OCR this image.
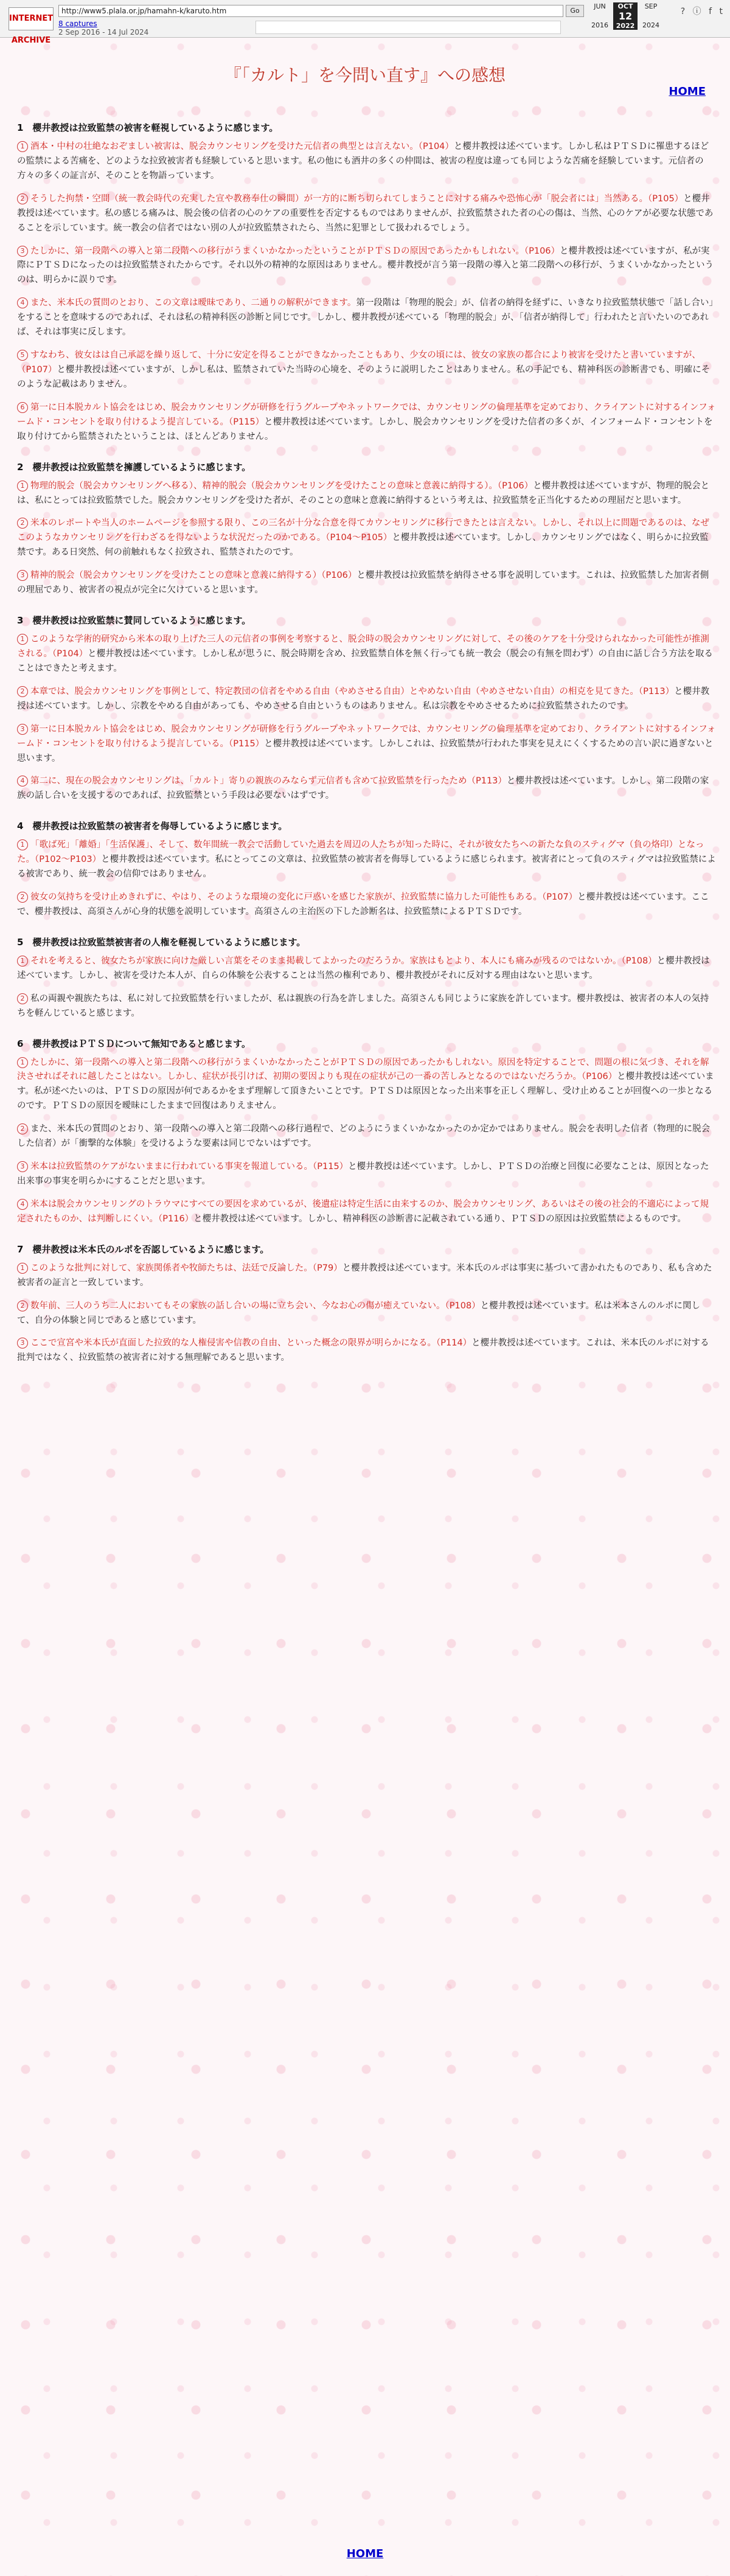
INTERNET ARCHIVE
http://www5.plala.or.jp/hamahn-k/karuto.htm	Go
8 captures
2 Sep 2016 - 14 Jul 2024
JUN
2016
OCT
12
2022
SEP
2024
? ⓘ f t
『「カルト」を今問い直す』への感想
HOME
1　櫻井教授は拉致監禁の被害を軽視しているように感じます。

1 酒本・中村の壮絶なおぞましい被害は、脱会カウンセリングを受けた元信者の典型とは言えない。（P104）と櫻井教授は述べています。しかし私はＰＴＳＤに罹患するほどの監禁による苦痛を、どのような拉致被害者も経験していると思います。私の他にも酒井の多くの仲間は、被害の程度は違っても同じような苦痛を経験しています。元信者の方々の多くの証言が、そのことを物語っています。

2 そうした拘禁・空間（統一教会時代の充実した宣や教務奉仕の瞬間）が一方的に断ち切られてしまうことに対する痛みや恐怖心が「脱会者には」当然ある。（P105）と櫻井教授は述べています。私の感じる痛みは、脱会後の信者の心のケアの重要性を否定するものではありませんが、拉致監禁された者の心の傷は、当然、心のケアが必要な状態であることを示しています。統一教会の信者ではない別の人が拉致監禁されたら、当然に犯罪として扱われるでしょう。

3 たしかに、第一段階への導入と第二段階への移行がうまくいかなかったということがＰＴＳＤの原因であったかもしれない。（P106）と櫻井教授は述べていますが、私が実際にＰＴＳＤになったのは拉致監禁されたからです。それ以外の精神的な原因はありません。櫻井教授が言う第一段階の導入と第二段階への移行が、うまくいかなかったというのは、明らかに誤りです。

4 また、米本氏の質問のとおり、この文章は曖昧であり、二通りの解釈ができます。第一段階は「物理的脱会」が、信者の納得を経ずに、いきなり拉致監禁状態で「話し合い」をすることを意味するのであれば、それは私の精神科医の診断と同じです。しかし、櫻井教授が述べている「物理的脱会」が、「信者が納得して」行われたと言いたいのであれば、それは事実に反します。

5 すなわち、彼女はは自己承認を繰り返して、十分に安定を得ることができなかったこともあり、少女の頃には、彼女の家族の都合により被害を受けたと書いていますが、（P107）と櫻井教授は述べていますが、しかし私は、監禁されていた当時の心境を、そのように説明したことはありません。私の手記でも、精神科医の診断書でも、明確にそのような記載はありません。

6 第一に日本脱カルト協会をはじめ、脱会カウンセリングが研修を行うグループやネットワークでは、カウンセリングの倫理基準を定めており、クライアントに対するインフォームド・コンセントを取り付けるよう提言している。（P115）と櫻井教授は述べています。しかし、脱会カウンセリングを受けた信者の多くが、インフォームド・コンセントを取り付けてから監禁されたということは、ほとんどありません。

2　櫻井教授は拉致監禁を擁護しているように感じます。

1 物理的脱会（脱会カウンセリングへ移る）、精神的脱会（脱会カウンセリングを受けたことの意味と意義に納得する）。（P106）と櫻井教授は述べていますが、物理的脱会とは、私にとっては拉致監禁でした。脱会カウンセリングを受けた者が、そのことの意味と意義に納得するという考えは、拉致監禁を正当化するための理屈だと思います。

2 米本のレポートや当人のホームページを参照する限り、この三名が十分な合意を得てカウンセリングに移行できたとは言えない。しかし、それ以上に問題であるのは、なぜこのようなカウンセリングを行わざるを得ないような状況だったのかである。（P104～P105）と櫻井教授は述べています。しかし、カウンセリングではなく、明らかに拉致監禁です。ある日突然、何の前触れもなく拉致され、監禁されたのです。

3 精神的脱会（脱会カウンセリングを受けたことの意味と意義に納得する）（P106）と櫻井教授は拉致監禁を納得させる事を説明しています。これは、拉致監禁した加害者側の理屈であり、被害者の視点が完全に欠けていると思います。

3　櫻井教授は拉致監禁に賛同しているように感じます。

1 このような学術的研究から米本の取り上げた三人の元信者の事例を考察すると、脱会時の脱会カウンセリングに対して、その後のケアを十分受けられなかった可能性が推測される。（P104）と櫻井教授は述べています。しかし私が思うに、脱会時期を含め、拉致監禁自体を無く行っても統一教会（脱会の有無を問わず）の自由に話し合う方法を取ることはできたと考えます。

2 本章では、脱会カウンセリングを事例として、特定教団の信者をやめる自由（やめさせる自由）とやめない自由（やめさせない自由）の相克を見てきた。（P113）と櫻井教授は述べています。しかし、宗教をやめる自由があっても、やめさせる自由というものはありません。私は宗教をやめさせるために拉致監禁されたのです。

3 第一に日本脱カルト協会をはじめ、脱会カウンセリングが研修を行うグループやネットワークでは、カウンセリングの倫理基準を定めており、クライアントに対するインフォームド・コンセントを取り付けるよう提言している。（P115）と櫻井教授は述べています。しかしこれは、拉致監禁が行われた事実を見えにくくするための言い訳に過ぎないと思います。

4 第二に、現在の脱会カウンセリングは、「カルト」寄りの親族のみならず元信者も含めて拉致監禁を行ったため（P113）と櫻井教授は述べています。しかし、第二段階の家族の話し合いを支援するのであれば、拉致監禁という手段は必要ないはずです。

4　櫻井教授は拉致監禁の被害者を侮辱しているように感じます。

1 「歌ば死」「離婚」「生活保護」、そして、数年間統一教会で活動していた過去を周辺の人たちが知った時に、それが彼女たちへの新たな負のスティグマ（負の烙印）となった。（P102～P103）と櫻井教授は述べています。私にとってこの文章は、拉致監禁の被害者を侮辱しているように感じられます。被害者にとって負のスティグマは拉致監禁による被害であり、統一教会の信仰ではありません。

2 彼女の気持ちを受け止めきれずに、やはり、そのような環境の変化に戸惑いを感じた家族が、拉致監禁に協力した可能性もある。（P107）と櫻井教授は述べています。ここで、櫻井教授は、高須さんが心身的状態を説明しています。高須さんの主治医の下した診断名は、拉致監禁によるＰＴＳＤです。

5　櫻井教授は拉致監禁被害者の人権を軽視しているように感じます。

1 それを考えると、彼女たちが家族に向けた厳しい言葉をそのまま掲載してよかったのだろうか。家族はもとより、本人にも痛みが残るのではないか。（P108）と櫻井教授は述べています。しかし、被害を受けた本人が、自らの体験を公表することは当然の権利であり、櫻井教授がそれに反対する理由はないと思います。

2 私の両親や親族たちは、私に対して拉致監禁を行いましたが、私は親族の行為を許しました。高須さんも同じように家族を許しています。櫻井教授は、被害者の本人の気持ちを軽んじていると感じます。

6　櫻井教授はＰＴＳＤについて無知であると感じます。

1 たしかに、第一段階への導入と第二段階への移行がうまくいかなかったことがＰＴＳＤの原因であったかもしれない。原因を特定することで、問題の根に気づき、それを解決させればそれに越したことはない。しかし、症状が長引けば、初期の要因よりも現在の症状が己の一番の苦しみとなるのではないだろうか。（P106）と櫻井教授は述べています。私が述べたいのは、ＰＴＳＤの原因が何であるかをまず理解して頂きたいことです。ＰＴＳＤは原因となった出来事を正しく理解し、受け止めることが回復への一歩となるのです。ＰＴＳＤの原因を曖昧にしたままで回復はありえません。

2 また、米本氏の質問のとおり、第一段階への導入と第二段階への移行過程で、どのようにうまくいかなかったのか定かではありません。脱会を表明した信者（物理的に脱会した信者）が「衝撃的な体験」を受けるような要素は同じでないはずです。

3 米本は拉致監禁のケアがないままに行われている事実を報道している。（P115）と櫻井教授は述べています。しかし、ＰＴＳＤの治療と回復に必要なことは、原因となった出来事の事実を明らかにすることだと思います。

4 米本は脱会カウンセリングのトラウマにすべての要因を求めているが、後遺症は特定生活に由来するのか、脱会カウンセリング、あるいはその後の社会的不適応によって規定されたものか、は判断しにくい。（P116）と櫻井教授は述べています。しかし、精神科医の診断書に記載されている通り、ＰＴＳＤの原因は拉致監禁によるものです。

7　櫻井教授は米本氏のルポを否認しているように感じます。

1 このような批判に対して、家族関係者や牧師たちは、法廷で反論した。（P79）と櫻井教授は述べています。米本氏のルポは事実に基づいて書かれたものであり、私も含めた被害者の証言と一致しています。

2 数年前、三人のうち二人においてもその家族の話し合いの場に立ち会い、今なお心の傷が癒えていない。（P108）と櫻井教授は述べています。私は米本さんのルポに関して、自分の体験と同じであると感じています。

3 ここで宣宮や米本氏が直面した拉致的な人権侵害や信教の自由、といった概念の限界が明らかになる。（P114）と櫻井教授は述べています。これは、米本氏のルポに対する批判ではなく、拉致監禁の被害者に対する無理解であると思います。

HOME
